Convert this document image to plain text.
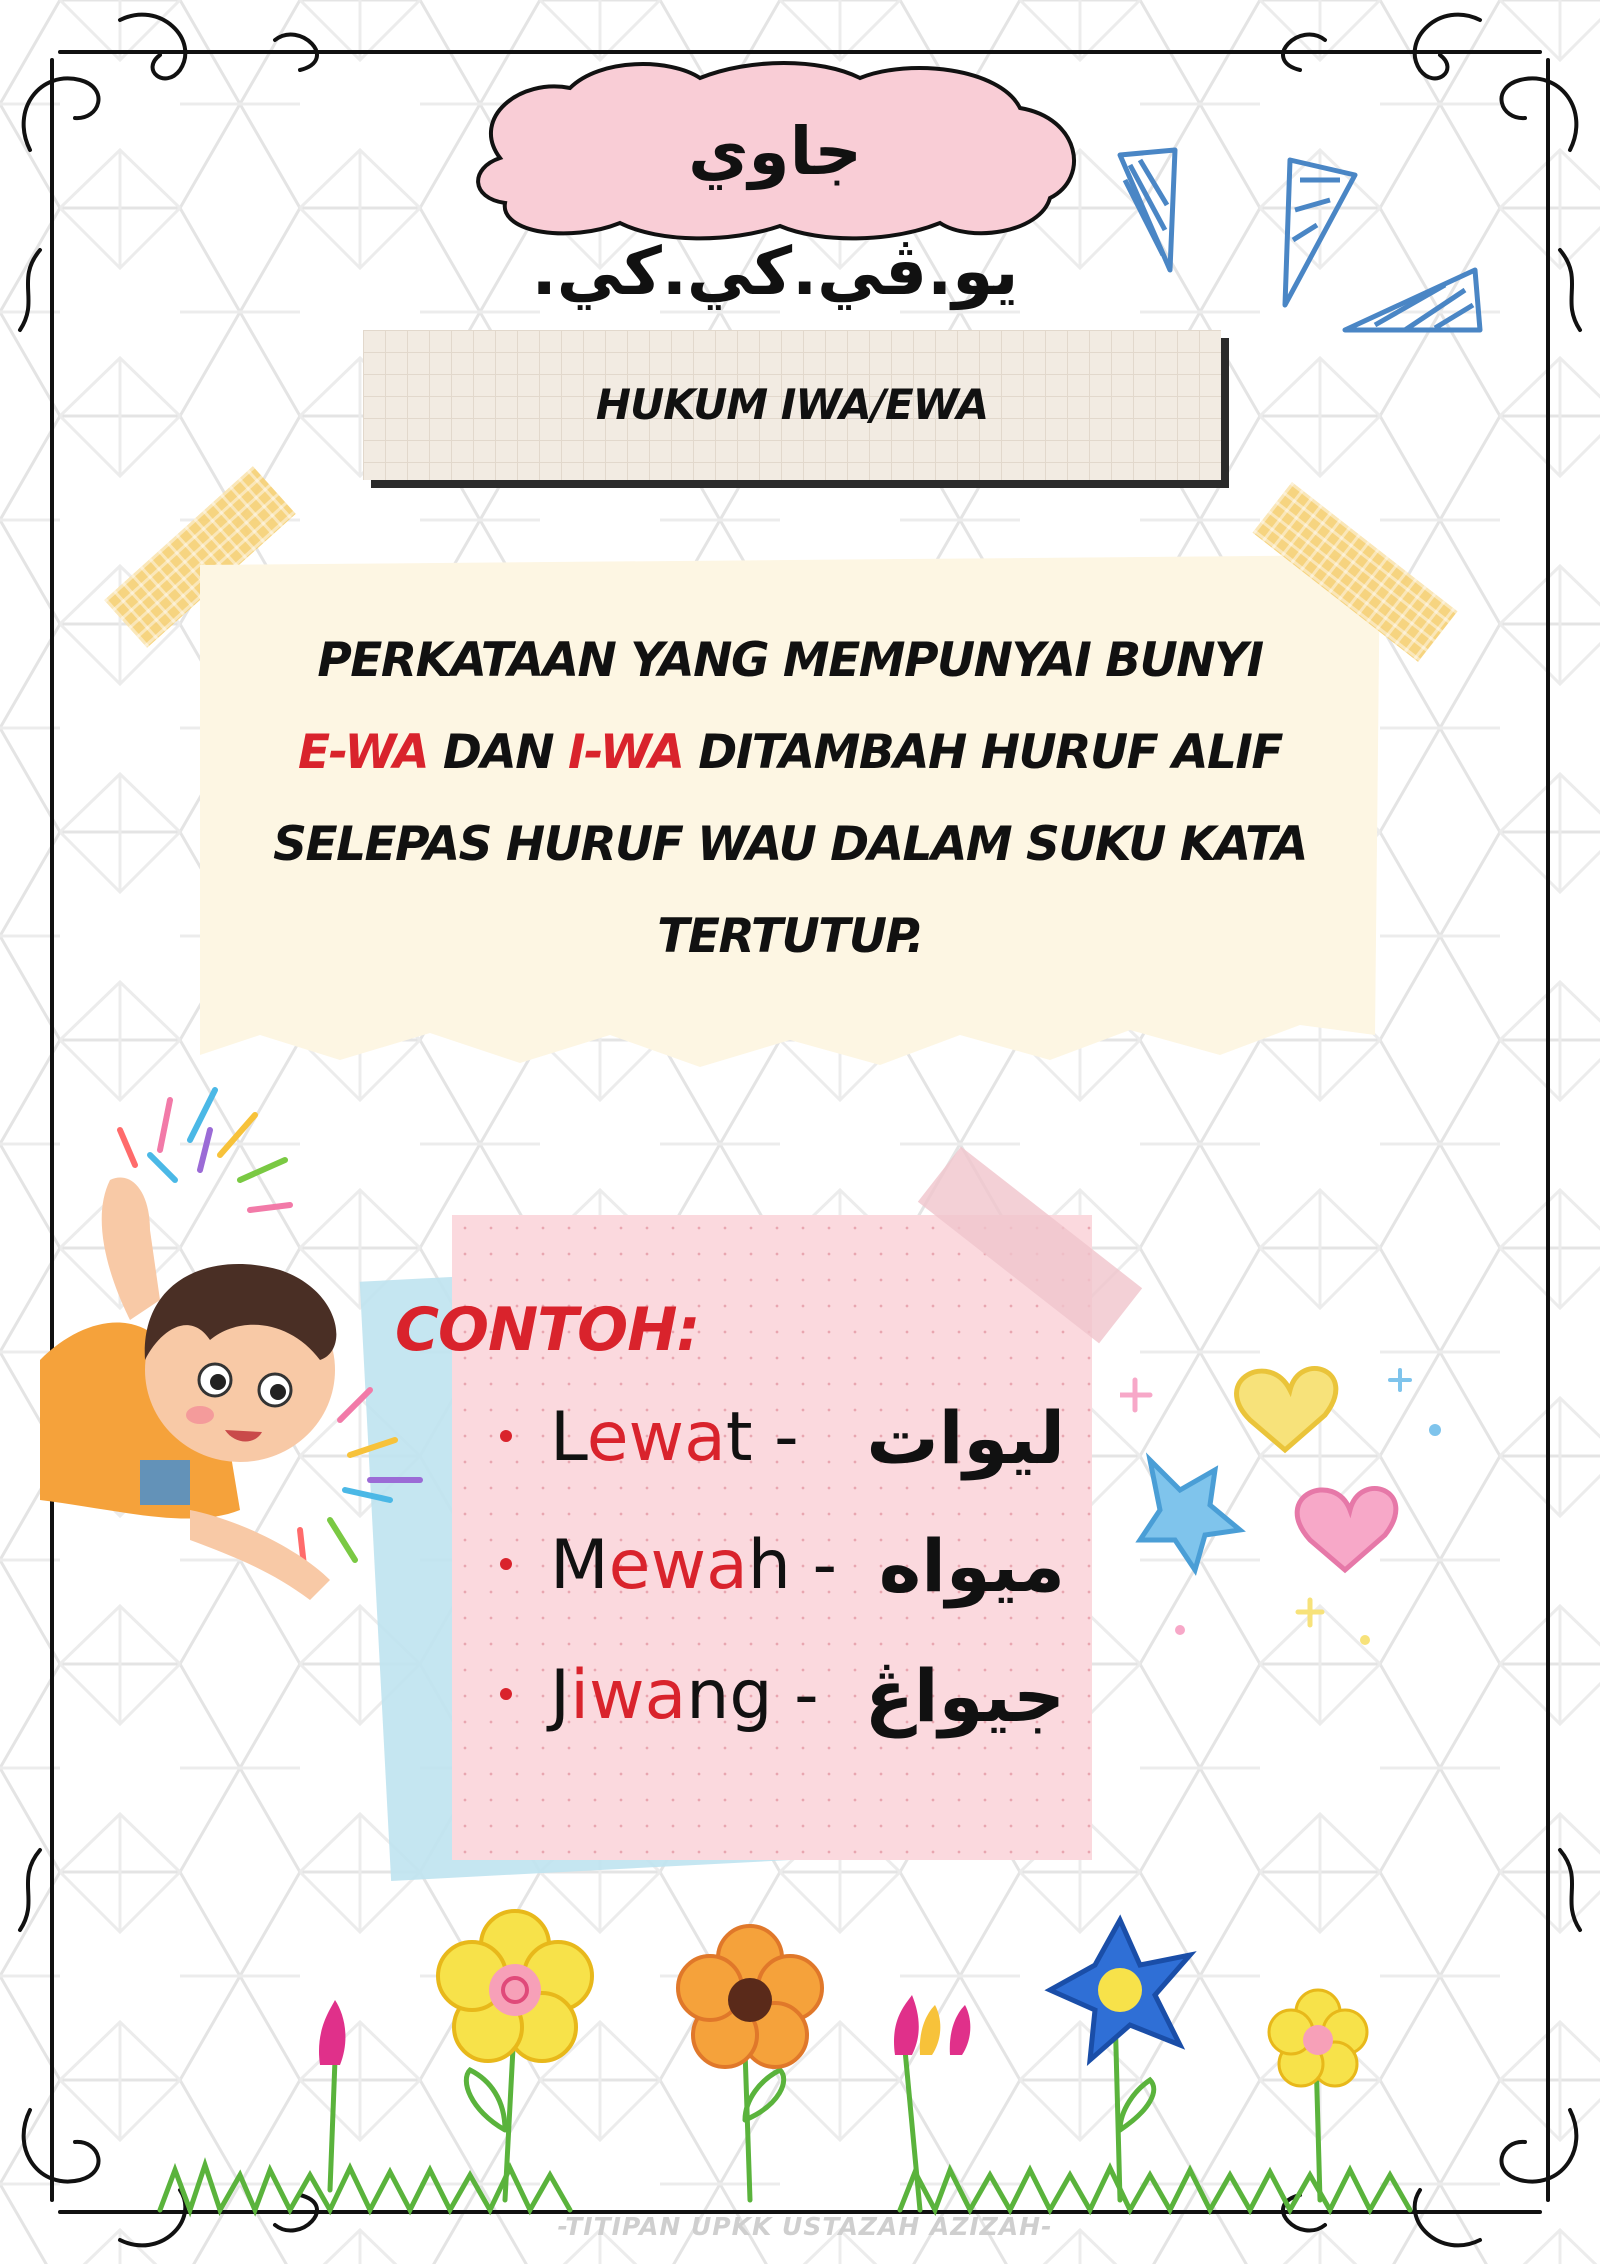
جاوي يو.ڤي.كي.كي.
HUKUM IWA/EWA
PERKATAAN YANG MEMPUNYAI BUNYI
E-WA DAN I-WA DITAMBAH HURUF ALIF
SELEPAS HURUF WAU DALAM SUKU KATA
TERTUTUP.
CONTOH:
Lewat - ليوات
Mewah - ميواه
Jiwang - جيواڠ
-TITIPAN UPKK USTAZAH AZIZAH-
